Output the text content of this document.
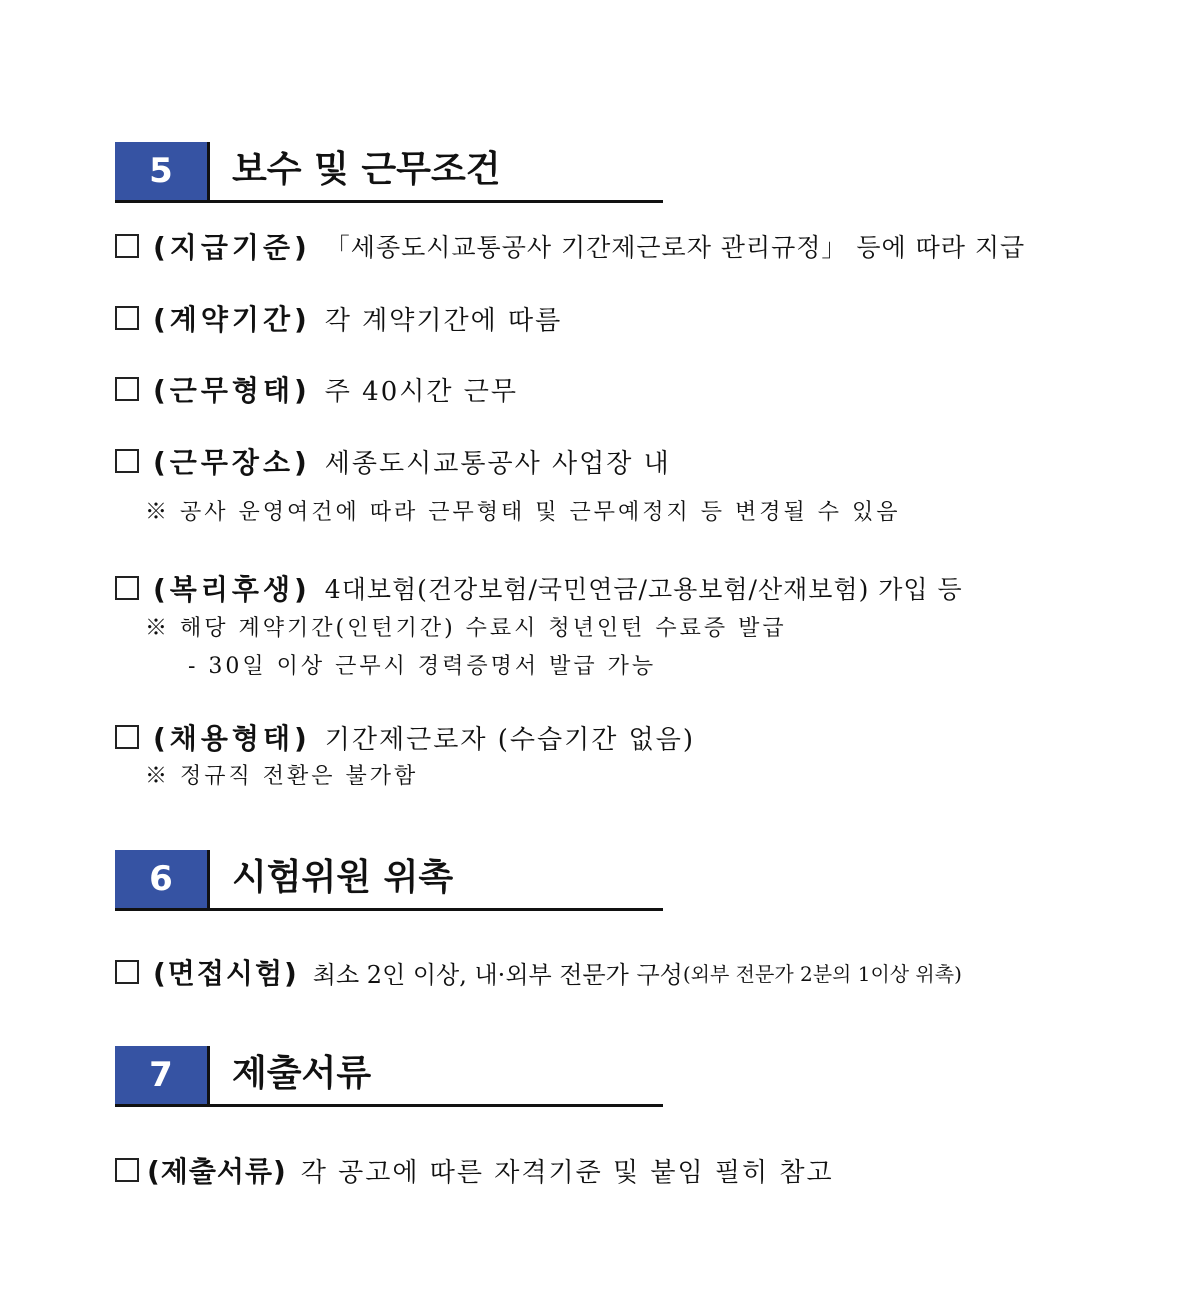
5	보수 및 근무조건
(지급기준) 「세종도시교통공사 기간제근로자 관리규정」 등에 따라 지급
(계약기간) 각 계약기간에 따름
(근무형태) 주 40시간 근무
(근무장소) 세종도시교통공사 사업장 내
※ 공사 운영여건에 따라 근무형태 및 근무예정지 등 변경될 수 있음
(복리후생) 4대보험(건강보험/국민연금/고용보험/산재보험) 가입 등
※ 해당 계약기간(인턴기간) 수료시 청년인턴 수료증 발급
- 30일 이상 근무시 경력증명서 발급 가능
(채용형태) 기간제근로자 (수습기간 없음)
※ 정규직 전환은 불가함
6	시험위원 위촉
(면접시험) 최소 2인 이상, 내·외부 전문가 구성 (외부 전문가 2분의 1이상 위촉)
7	제출서류
(제출서류) 각 공고에 따른 자격기준 및 붙임 필히 참고
